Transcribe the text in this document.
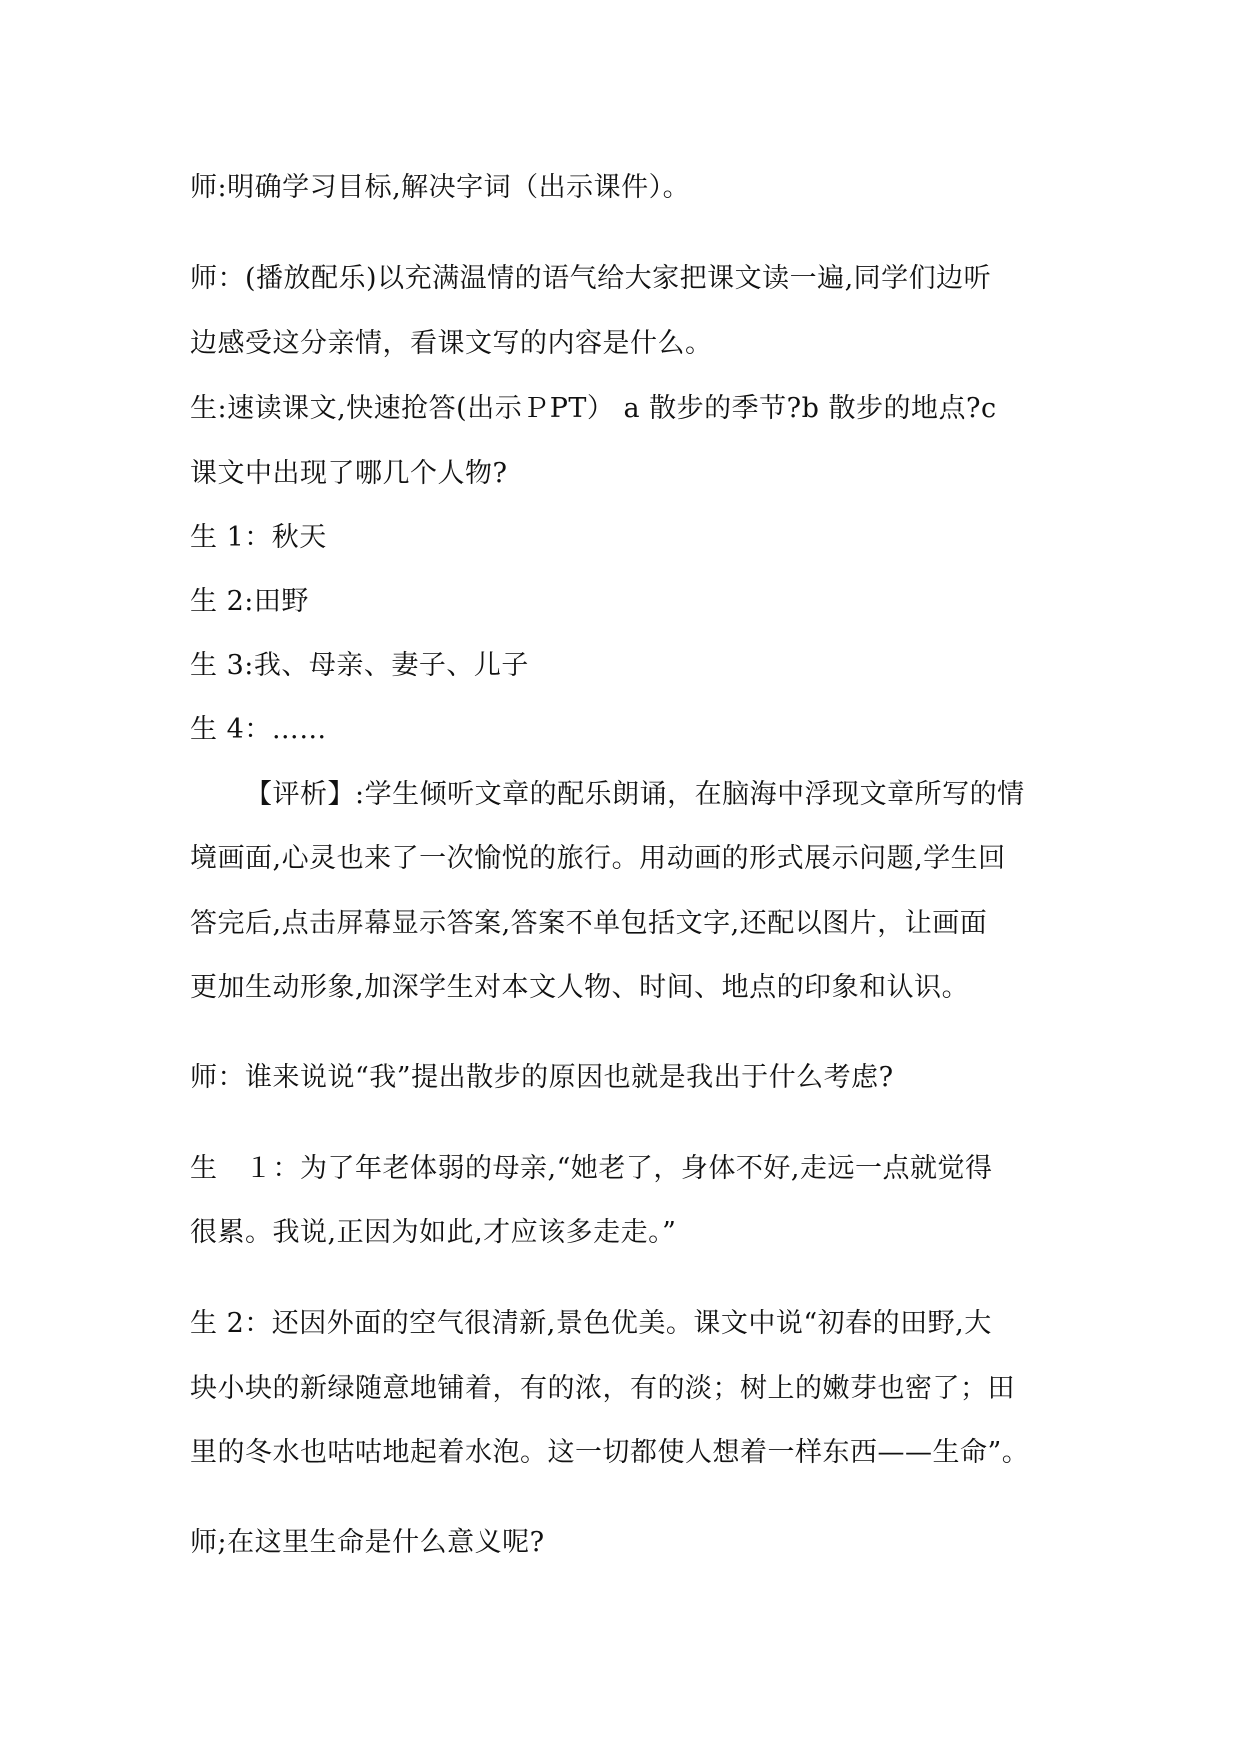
师:明确学习目标,解决字词（出示课件）。
师：(播放配乐)以充满温情的语气给大家把课文读一遍,同学们边听
边感受这分亲情，看课文写的内容是什么。
生:速读课文,快速抢答(出示ＰPT） a 散步的季节?b 散步的地点?c
课文中出现了哪几个人物?
生 1：秋天
生 2:田野
生 3:我、母亲、妻子、儿子
生 4：……
【评析】:学生倾听文章的配乐朗诵，在脑海中浮现文章所写的情
境画面,心灵也来了一次愉悦的旅行。用动画的形式展示问题,学生回
答完后,点击屏幕显示答案,答案不单包括文字,还配以图片，让画面
更加生动形象,加深学生对本文人物、时间、地点的印象和认识。
师：谁来说说“我”提出散步的原因也就是我出于什么考虑?
生　１：为了年老体弱的母亲,“她老了，身体不好,走远一点就觉得
很累。我说,正因为如此,才应该多走走。”
生 2：还因外面的空气很清新,景色优美。课文中说“初春的田野,大
块小块的新绿随意地铺着，有的浓，有的淡；树上的嫩芽也密了；田
里的冬水也咕咕地起着水泡。这一切都使人想着一样东西——生命”。
师;在这里生命是什么意义呢?
